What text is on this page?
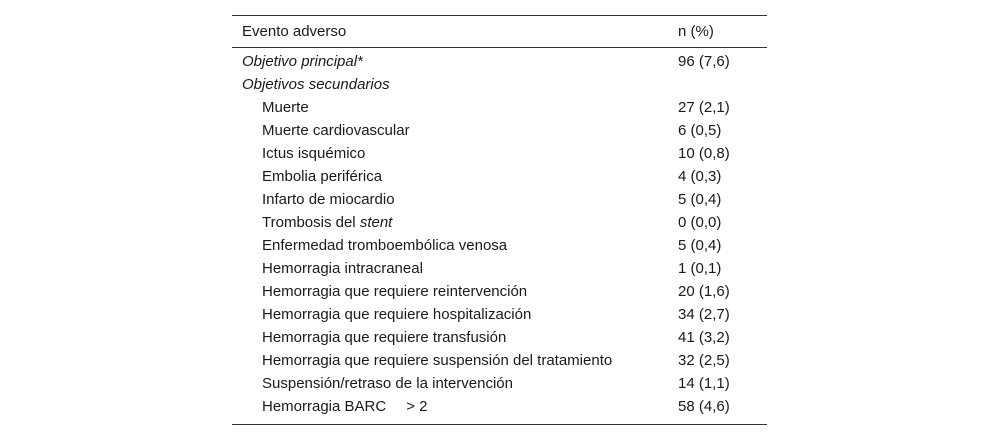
Evento adverso	n (%)
Objetivo principal*	96 (7,6)
Objetivos secundarios
Muerte	27 (2,1)
Muerte cardiovascular	6 (0,5)
Ictus isquémico	10 (0,8)
Embolia periférica	4 (0,3)
Infarto de miocardio	5 (0,4)
Trombosis del stent	0 (0,0)
Enfermedad tromboembólica venosa	5 (0,4)
Hemorragia intracraneal	1 (0,1)
Hemorragia que requiere reintervención	20 (1,6)
Hemorragia que requiere hospitalización	34 (2,7)
Hemorragia que requiere transfusión	41 (3,2)
Hemorragia que requiere suspensión del tratamiento	32 (2,5)
Suspensión/retraso de la intervención	14 (1,1)
Hemorragia BARC > 2	58 (4,6)
